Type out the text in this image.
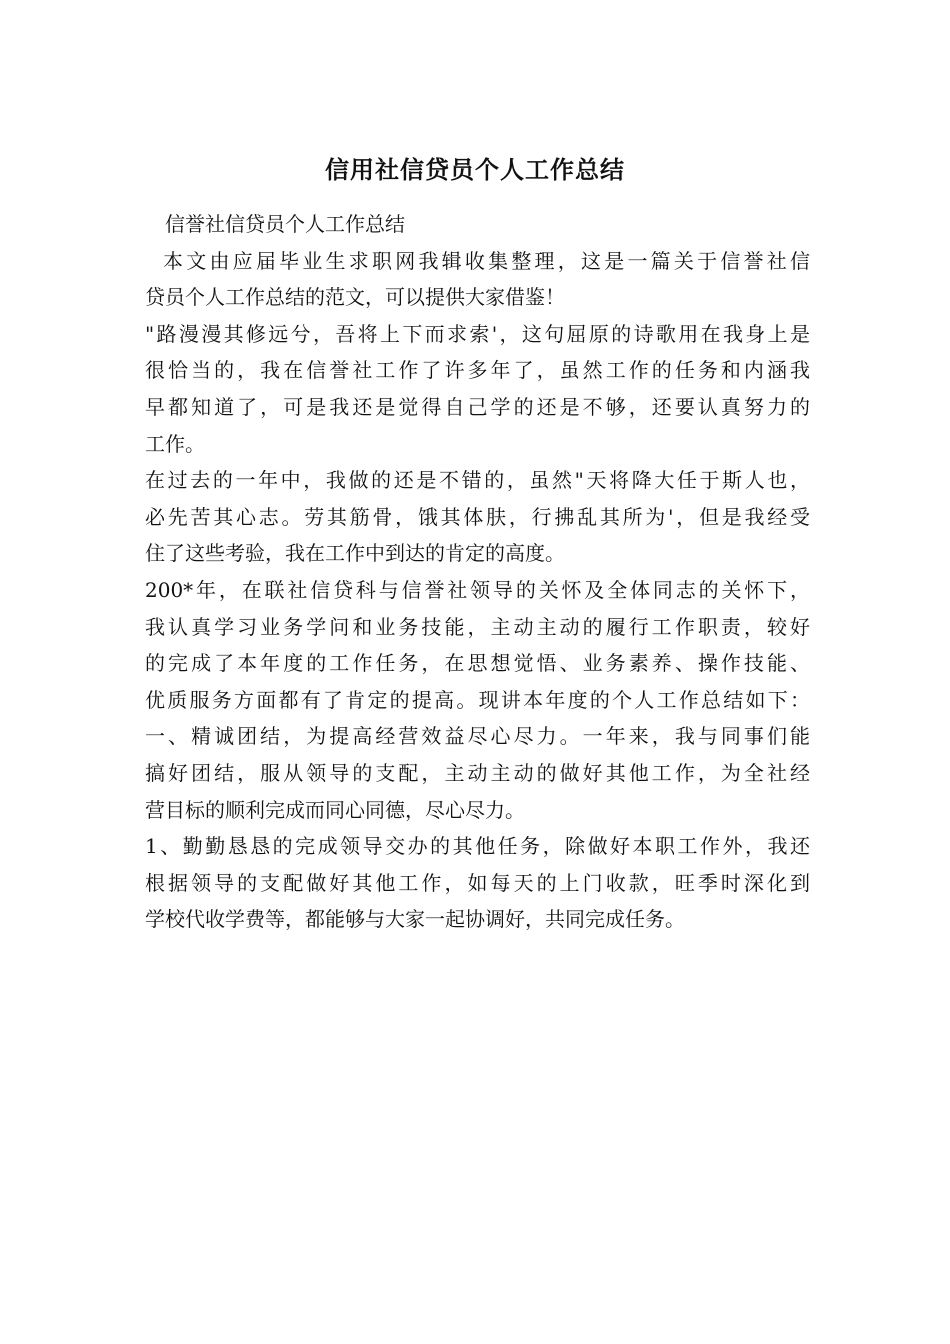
信用社信贷员个人工作总结
信誉社信贷员个人工作总结
本文由应届毕业生求职网我辑收集整理，这是一篇关于信誉社信
贷员个人工作总结的范文，可以提供大家借鉴！
"路漫漫其修远兮，吾将上下而求索'，这句屈原的诗歌用在我身上是
很恰当的，我在信誉社工作了许多年了，虽然工作的任务和内涵我
早都知道了，可是我还是觉得自己学的还是不够，还要认真努力的
工作。
在过去的一年中，我做的还是不错的，虽然"天将降大任于斯人也，
必先苦其心志。劳其筋骨，饿其体肤，行拂乱其所为'，但是我经受
住了这些考验，我在工作中到达的肯定的高度。
200*年，在联社信贷科与信誉社领导的关怀及全体同志的关怀下，
我认真学习业务学问和业务技能，主动主动的履行工作职责，较好
的完成了本年度的工作任务，在思想觉悟、业务素养、操作技能、
优质服务方面都有了肯定的提高。现讲本年度的个人工作总结如下：
一、精诚团结，为提高经营效益尽心尽力。一年来，我与同事们能
搞好团结，服从领导的支配，主动主动的做好其他工作，为全社经
营目标的顺利完成而同心同德，尽心尽力。
1、勤勤恳恳的完成领导交办的其他任务，除做好本职工作外，我还
根据领导的支配做好其他工作，如每天的上门收款，旺季时深化到
学校代收学费等，都能够与大家一起协调好，共同完成任务。
